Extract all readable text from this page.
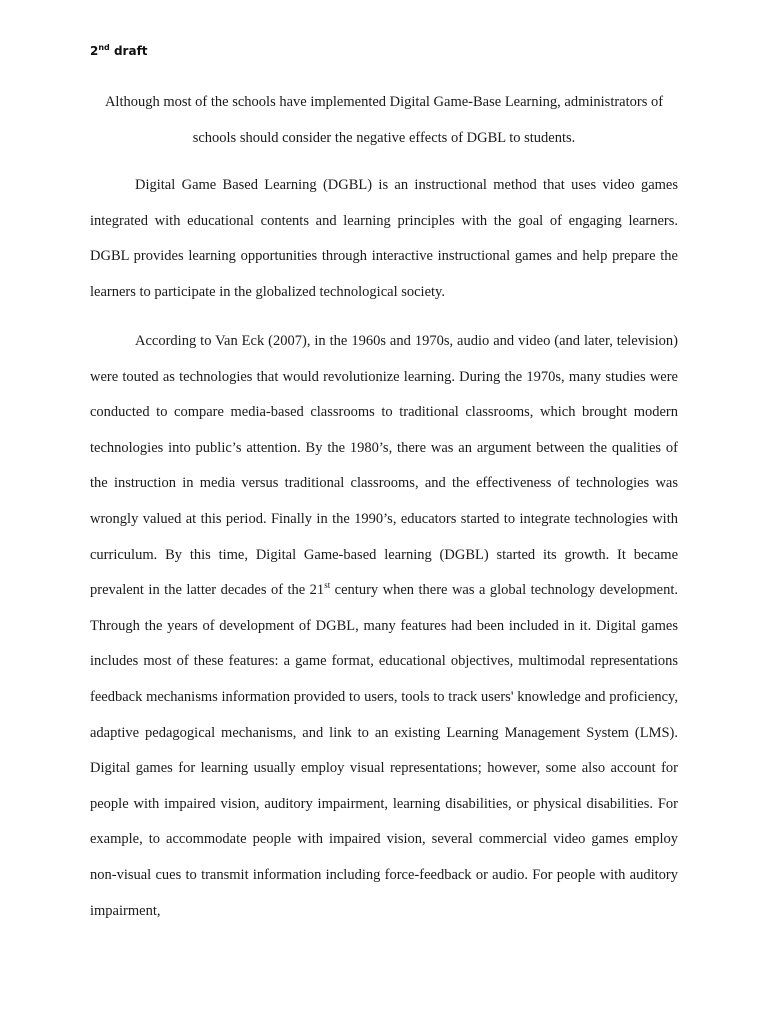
2nd draft
Although most of the schools have implemented Digital Game-Base Learning, administrators of schools should consider the negative effects of DGBL to students.

Digital Game Based Learning (DGBL) is an instructional method that uses video games integrated with educational contents and learning principles with the goal of engaging learners. DGBL provides learning opportunities through interactive instructional games and help prepare the learners to participate in the globalized technological society.

According to Van Eck (2007), in the 1960s and 1970s, audio and video (and later, television) were touted as technologies that would revolutionize learning. During the 1970s, many studies were conducted to compare media-based classrooms to traditional classrooms, which brought modern technologies into public’s attention. By the 1980’s, there was an argument between the qualities of the instruction in media versus traditional classrooms, and the effectiveness of technologies was wrongly valued at this period. Finally in the 1990’s, educators started to integrate technologies with curriculum. By this time, Digital Game-based learning (DGBL) started its growth. It became prevalent in the latter decades of the 21st century when there was a global technology development. Through the years of development of DGBL, many features had been included in it. Digital games includes most of these features: a game format, educational objectives, multimodal representations feedback mechanisms information provided to users, tools to track users' knowledge and proficiency, adaptive pedagogical mechanisms, and link to an existing Learning Management System (LMS). Digital games for learning usually employ visual representations; however, some also account for people with impaired vision, auditory impairment, learning disabilities, or physical disabilities. For example, to accommodate people with impaired vision, several commercial video games employ non-visual cues to transmit information including force-feedback or audio. For people with auditory impairment,
